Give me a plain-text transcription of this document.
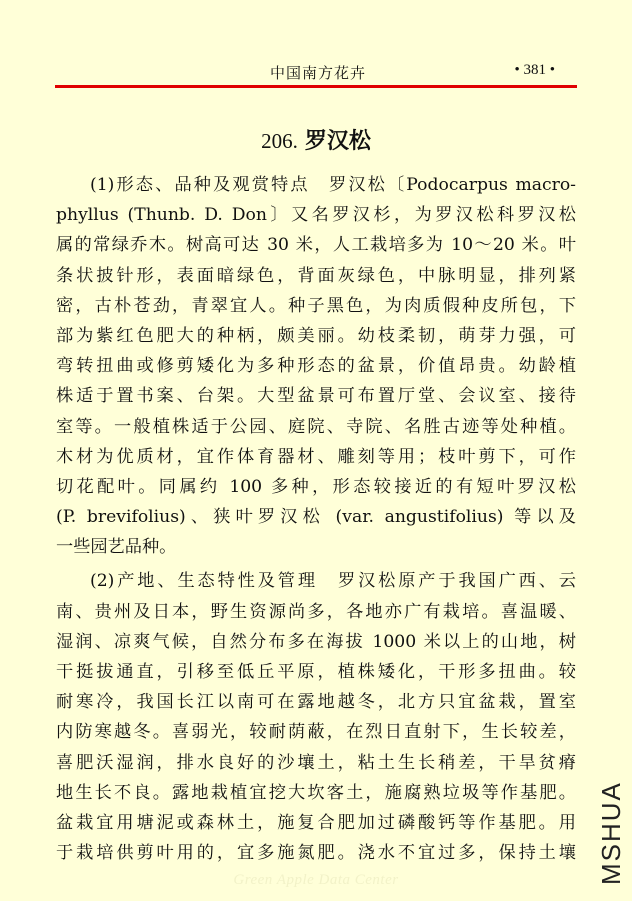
中国南方花卉	• 381 •
206. 罗汉松
(1)形态、品种及观赏特点　罗汉松〔Podocarpus macro-
phyllus (Thunb. D. Don〕又名罗汉杉，为罗汉松科罗汉松
属的常绿乔木。树高可达 30 米，人工栽培多为 10～20 米。叶
条状披针形，表面暗绿色，背面灰绿色，中脉明显，排列紧
密，古朴苍劲，青翠宜人。种子黑色，为肉质假种皮所包，下
部为紫红色肥大的种柄，颇美丽。幼枝柔韧，萌芽力强，可
弯转扭曲或修剪矮化为多种形态的盆景，价值昂贵。幼龄植
株适于置书案、台架。大型盆景可布置厅堂、会议室、接待
室等。一般植株适于公园、庭院、寺院、名胜古迹等处种植。
木材为优质材，宜作体育器材、雕刻等用；枝叶剪下，可作
切花配叶。同属约 100 多种，形态较接近的有短叶罗汉松
(P. brevifolius)、狭叶罗汉松 (var. angustifolius) 等以及
一些园艺品种。
(2)产地、生态特性及管理　罗汉松原产于我国广西、云
南、贵州及日本，野生资源尚多，各地亦广有栽培。喜温暖、
湿润、凉爽气候，自然分布多在海拔 1000 米以上的山地，树
干挺拔通直，引移至低丘平原，植株矮化，干形多扭曲。较
耐寒冷，我国长江以南可在露地越冬，北方只宜盆栽，置室
内防寒越冬。喜弱光，较耐荫蔽，在烈日直射下，生长较差，
喜肥沃湿润，排水良好的沙壤土，粘土生长稍差，干旱贫瘠
地生长不良。露地栽植宜挖大坎客土，施腐熟垃圾等作基肥。
盆栽宜用塘泥或森林土，施复合肥加过磷酸钙等作基肥。用
于栽培供剪叶用的，宜多施氮肥。浇水不宜过多，保持土壤
Green Apple Data Center	MSHUA
